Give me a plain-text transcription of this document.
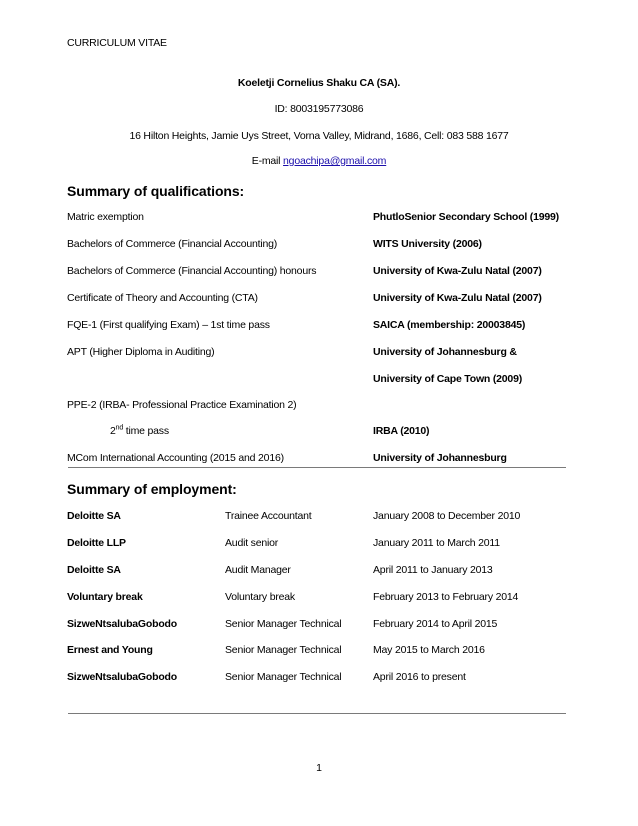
CURRICULUM VITAE
Koeletji Cornelius Shaku CA (SA).
ID: 8003195773086
16 Hilton Heights, Jamie Uys Street, Vorna Valley, Midrand, 1686, Cell: 083 588 1677
E-mail ngoachipa@gmail.com
Summary of qualifications:
Matric exemption	PhutloSenior Secondary School (1999)
Bachelors of Commerce (Financial Accounting)	WITS University (2006)
Bachelors of Commerce (Financial Accounting) honours	University of Kwa-Zulu Natal (2007)
Certificate of Theory and Accounting (CTA)	University of Kwa-Zulu Natal (2007)
FQE-1 (First qualifying Exam) – 1st time pass	SAICA (membership: 20003845)
APT (Higher Diploma in Auditing)	University of Johannesburg &
University of Cape Town (2009)
PPE-2 (IRBA- Professional Practice Examination 2)
2nd time pass	IRBA (2010)
MCom International Accounting (2015 and 2016)	University of Johannesburg
Summary of employment:
Deloitte SA	Trainee Accountant	January 2008 to December 2010
Deloitte LLP	Audit senior	January 2011 to March 2011
Deloitte SA	Audit Manager	April 2011 to January 2013
Voluntary break	Voluntary break	February 2013 to February 2014
SizweNtsalubaGobodo	Senior Manager Technical	February 2014 to April 2015
Ernest and Young	Senior Manager Technical	May 2015 to March 2016
SizweNtsalubaGobodo	Senior Manager Technical	April 2016 to present
1
